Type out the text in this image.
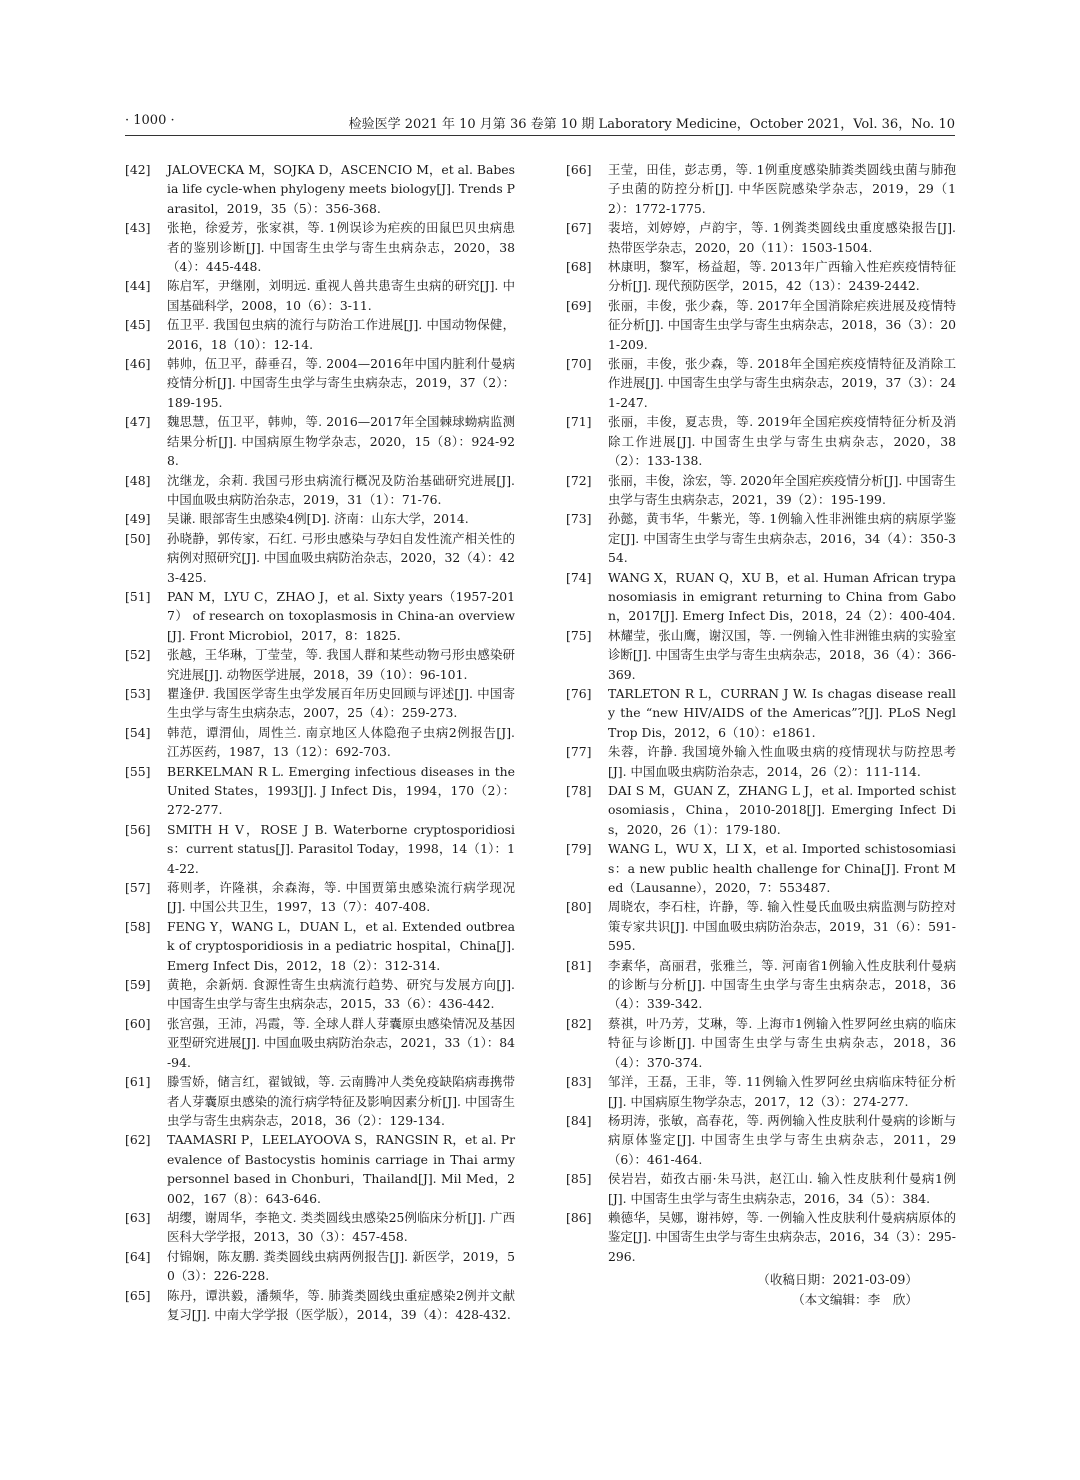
· 1000 ·	检验医学 2021 年 10 月第 36 卷第 10 期 Laboratory Medicine，October 2021，Vol. 36，No. 10
[42] JALOVECKA M，SOJKA D，ASCENCIO M，et al. Babesia life cycle-when phylogeny meets biology[J]. Trends Parasitol，2019，35（5）：356-368.
[43] 张艳，徐爱芳，张家祺，等. 1例误诊为疟疾的田鼠巴贝虫病患者的鉴别诊断[J]. 中国寄生虫学与寄生虫病杂志，2020，38（4）：445-448.
[44] 陈启军，尹继刚，刘明远. 重视人兽共患寄生虫病的研究[J]. 中国基础科学，2008，10（6）：3-11.
[45] 伍卫平. 我国包虫病的流行与防治工作进展[J]. 中国动物保健，2016，18（10）：12-14.
[46] 韩帅，伍卫平，薛垂召，等. 2004—2016年中国内脏利什曼病疫情分析[J]. 中国寄生虫学与寄生虫病杂志，2019，37（2）：189-195.
[47] 魏思慧，伍卫平，韩帅，等. 2016—2017年全国棘球蚴病监测结果分析[J]. 中国病原生物学杂志，2020，15（8）：924-928.
[48] 沈继龙，余莉. 我国弓形虫病流行概况及防治基础研究进展[J]. 中国血吸虫病防治杂志，2019，31（1）：71-76.
[49] 吴谦. 眼部寄生虫感染4例[D]. 济南：山东大学，2014.
[50] 孙晓静，郭传家，石红. 弓形虫感染与孕妇自发性流产相关性的病例对照研究[J]. 中国血吸虫病防治杂志，2020，32（4）：423-425.
[51] PAN M，LYU C，ZHAO J，et al. Sixty years（1957-2017） of research on toxoplasmosis in China-an overview[J]. Front Microbiol，2017，8：1825.
[52] 张越，王华琳，丁莹莹，等. 我国人群和某些动物弓形虫感染研究进展[J]. 动物医学进展，2018，39（10）：96-101.
[53] 瞿逢伊. 我国医学寄生虫学发展百年历史回顾与评述[J]. 中国寄生虫学与寄生虫病杂志，2007，25（4）：259-273.
[54] 韩范，谭渭仙，周性兰. 南京地区人体隐孢子虫病2例报告[J]. 江苏医药，1987，13（12）：692-703.
[55] BERKELMAN R L. Emerging infectious diseases in the United States，1993[J]. J Infect Dis，1994，170（2）：272-277.
[56] SMITH H V，ROSE J B. Waterborne cryptosporidiosis：current status[J]. Parasitol Today，1998，14（1）：14-22.
[57] 蒋则孝，许隆祺，余森海，等. 中国贾第虫感染流行病学现况[J]. 中国公共卫生，1997，13（7）：407-408.
[58] FENG Y，WANG L，DUAN L，et al. Extended outbreak of cryptosporidiosis in a pediatric hospital，China[J]. Emerg Infect Dis，2012，18（2）：312-314.
[59] 黄艳，余新炳. 食源性寄生虫病流行趋势、研究与发展方向[J]. 中国寄生虫学与寄生虫病杂志，2015，33（6）：436-442.
[60] 张宫强，王沛，冯霞，等. 全球人群人芽囊原虫感染情况及基因亚型研究进展[J]. 中国血吸虫病防治杂志，2021，33（1）：84-94.
[61] 滕雪娇，储言红，翟钺钺，等. 云南腾冲人类免疫缺陷病毒携带者人芽囊原虫感染的流行病学特征及影响因素分析[J]. 中国寄生虫学与寄生虫病杂志，2018，36（2）：129-134.
[62] TAAMASRI P，LEELAYOOVA S，RANGSIN R，et al. Prevalence of Bastocystis hominis carriage in Thai army personnel based in Chonburi，Thailand[J]. Mil Med，2002，167（8）：643-646.
[63] 胡缨，谢周华，李艳文. 类类圆线虫感染25例临床分析[J]. 广西医科大学学报，2013，30（3）：457-458.
[64] 付锦娴，陈友鹏. 粪类圆线虫病两例报告[J]. 新医学，2019，50（3）：226-228.
[65] 陈丹，谭洪毅，潘频华，等. 肺粪类圆线虫重症感染2例并文献复习[J]. 中南大学学报（医学版），2014，39（4）：428-432.
[66] 王莹，田佳，彭志勇，等. 1例重度感染肺粪类圆线虫菌与肺孢子虫菌的防控分析[J]. 中华医院感染学杂志，2019，29（12）：1772-1775.
[67] 裴培，刘婷婷，卢韵宇，等. 1例粪类圆线虫重度感染报告[J]. 热带医学杂志，2020，20（11）：1503-1504.
[68] 林康明，黎军，杨益超，等. 2013年广西输入性疟疾疫情特征分析[J]. 现代预防医学，2015，42（13）：2439-2442.
[69] 张丽，丰俊，张少森，等. 2017年全国消除疟疾进展及疫情特征分析[J]. 中国寄生虫学与寄生虫病杂志，2018，36（3）：201-209.
[70] 张丽，丰俊，张少森，等. 2018年全国疟疾疫情特征及消除工作进展[J]. 中国寄生虫学与寄生虫病杂志，2019，37（3）：241-247.
[71] 张丽，丰俊，夏志贵，等. 2019年全国疟疾疫情特征分析及消除工作进展[J]. 中国寄生虫学与寄生虫病杂志，2020，38（2）：133-138.
[72] 张丽，丰俊，涂宏，等. 2020年全国疟疾疫情分析[J]. 中国寄生虫学与寄生虫病杂志，2021，39（2）：195-199.
[73] 孙懿，黄韦华，牛紫光，等. 1例输入性非洲锥虫病的病原学鉴定[J]. 中国寄生虫学与寄生虫病杂志，2016，34（4）：350-354.
[74] WANG X，RUAN Q，XU B，et al. Human African trypanosomiasis in emigrant returning to China from Gabon，2017[J]. Emerg Infect Dis，2018，24（2）：400-404.
[75] 林耀莹，张山鹰，谢汉国，等. 一例输入性非洲锥虫病的实验室诊断[J]. 中国寄生虫学与寄生虫病杂志，2018，36（4）：366-369.
[76] TARLETON R L，CURRAN J W. Is chagas disease really the “new HIV/AIDS of the Americas”?[J]. PLoS Negl Trop Dis，2012，6（10）：e1861.
[77] 朱蓉，许静. 我国境外输入性血吸虫病的疫情现状与防控思考[J]. 中国血吸虫病防治杂志，2014，26（2）：111-114.
[78] DAI S M，GUAN Z，ZHANG L J，et al. Imported schistosomiasis，China，2010-2018[J]. Emerging Infect Dis，2020，26（1）：179-180.
[79] WANG L，WU X，LI X，et al. Imported schistosomiasis：a new public health challenge for China[J]. Front Med（Lausanne），2020，7：553487.
[80] 周晓农，李石柱，许静，等. 输入性曼氏血吸虫病监测与防控对策专家共识[J]. 中国血吸虫病防治杂志，2019，31（6）：591-595.
[81] 李素华，高丽君，张雅兰，等. 河南省1例输入性皮肤利什曼病的诊断与分析[J]. 中国寄生虫学与寄生虫病杂志，2018，36（4）：339-342.
[82] 蔡祺，叶乃芳，艾琳，等. 上海市1例输入性罗阿丝虫病的临床特征与诊断[J]. 中国寄生虫学与寄生虫病杂志，2018，36（4）：370-374.
[83] 邹洋，王磊，王非，等. 11例输入性罗阿丝虫病临床特征分析[J]. 中国病原生物学杂志，2017，12（3）：274-277.
[84] 杨玥涛，张敏，高春花，等. 两例输入性皮肤利什曼病的诊断与病原体鉴定[J]. 中国寄生虫学与寄生虫病杂志，2011，29（6）：461-464.
[85] 侯岩岩，茹孜古丽·朱马洪，赵江山. 输入性皮肤利什曼病1例[J]. 中国寄生虫学与寄生虫病杂志，2016，34（5）：384.
[86] 赖德华，吴娜，谢祎婷，等. 一例输入性皮肤利什曼病病原体的鉴定[J]. 中国寄生虫学与寄生虫病杂志，2016，34（3）：295-296.
（收稿日期：2021-03-09）
（本文编辑：李　欣）
